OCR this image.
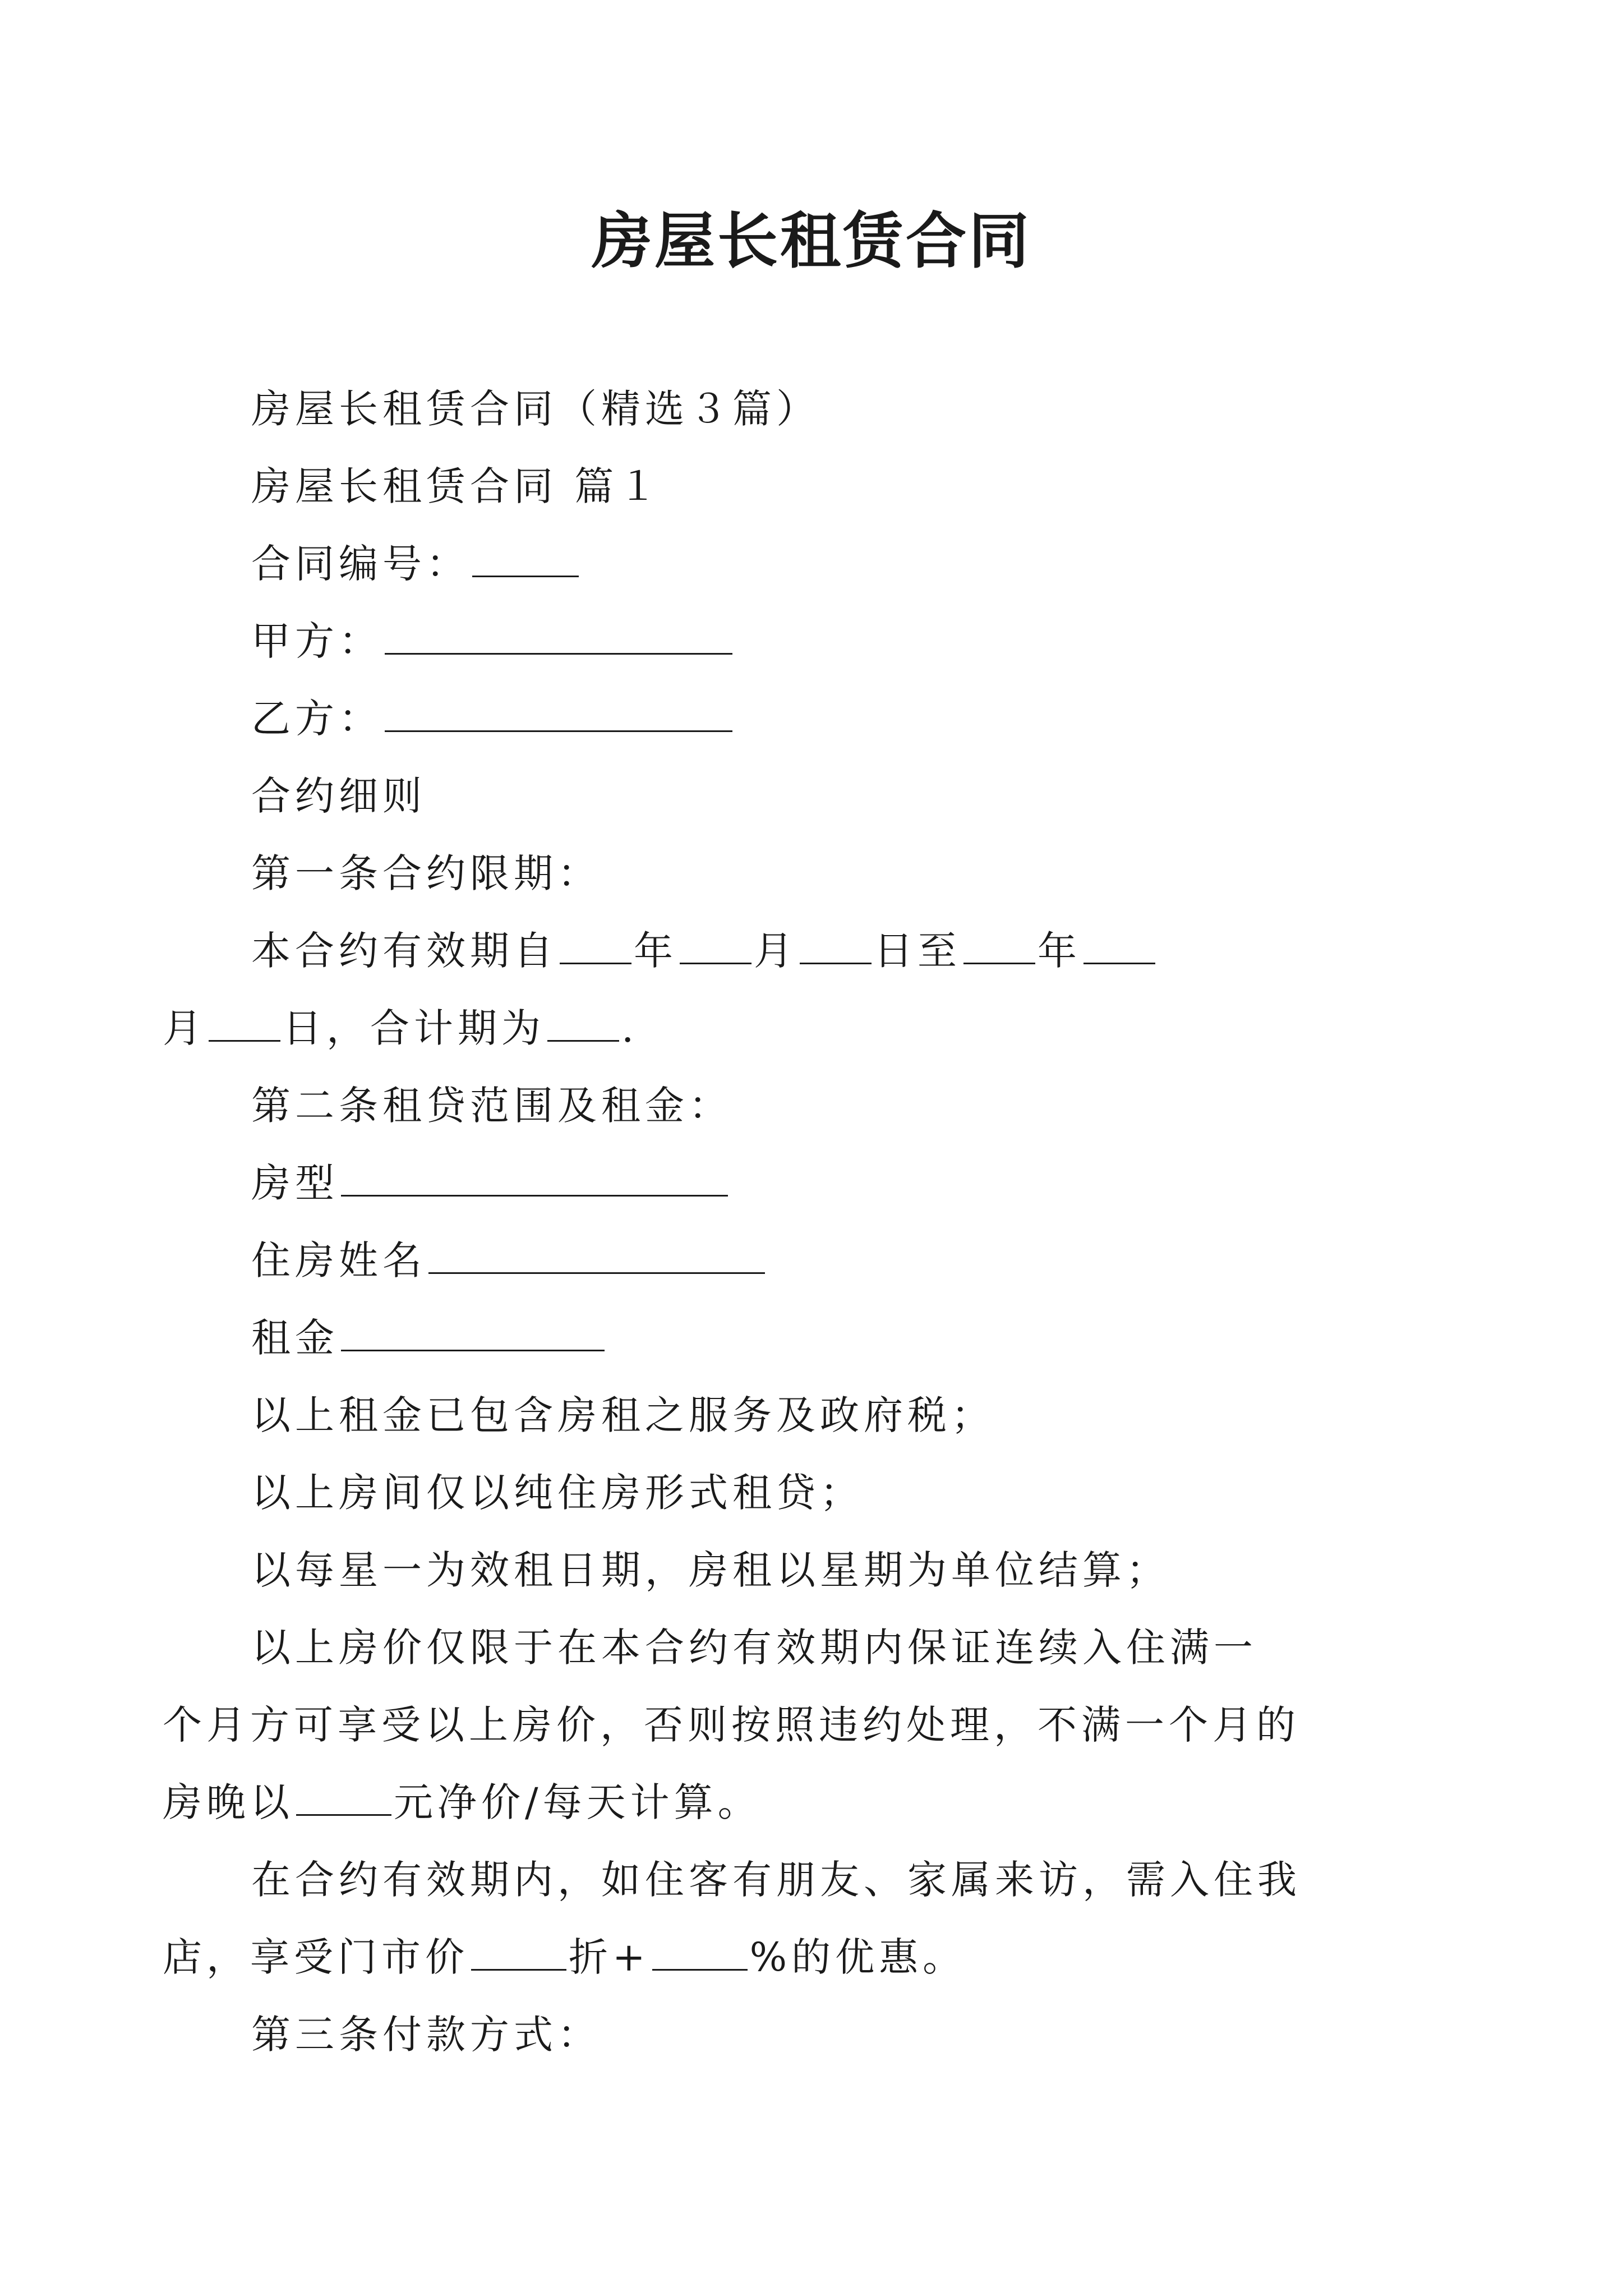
房屋长租赁合同
房屋长租赁合同（精选３篇）
房屋长租赁合同 篇１
合同编号：
甲方：
乙方：
合约细则
第一条合约限期：
本合约有效期自 年 月 日至 年
月 日，合计期为 .
第二条租贷范围及租金：
房型
住房姓名
租金
以上租金已包含房租之服务及政府税；
以上房间仅以纯住房形式租贷；
以每星一为效租日期，房租以星期为单位结算；
以上房价仅限于在本合约有效期内保证连续入住满一
个月方可享受以上房价，否则按照违约处理，不满一个月的
房晚以	元净价/每天计算。
在合约有效期内，如住客有朋友、家属来访，需入住我
店，享受门市价	折+	%的优惠。
第三条付款方式：
